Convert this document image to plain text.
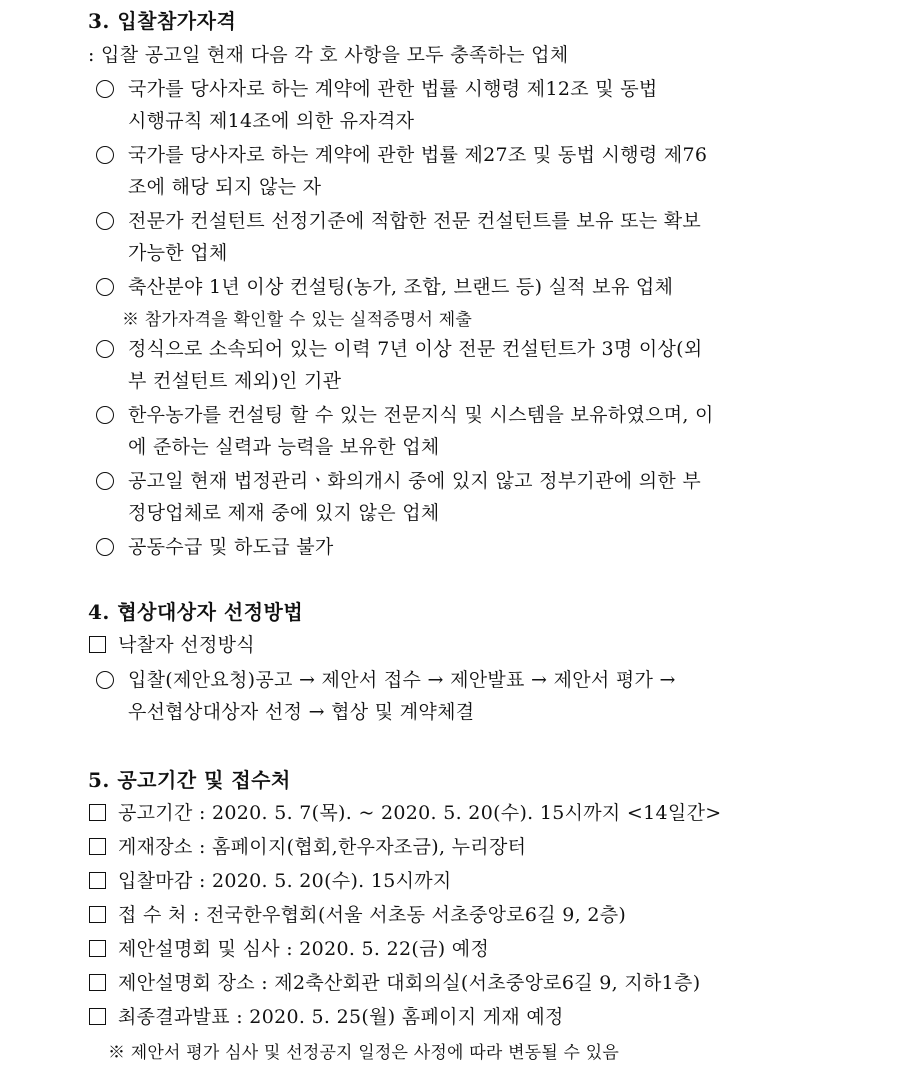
3. 입찰참가자격
: 입찰 공고일 현재 다음 각 호 사항을 모두 충족하는 업체
국가를 당사자로 하는 계약에 관한 법률 시행령 제12조 및 동법
시행규칙 제14조에 의한 유자격자
국가를 당사자로 하는 계약에 관한 법률 제27조 및 동법 시행령 제76
조에 해당 되지 않는 자
전문가 컨설턴트 선정기준에 적합한 전문 컨설턴트를 보유 또는 확보
가능한 업체
축산분야 1년 이상 컨설팅(농가, 조합, 브랜드 등) 실적 보유 업체
※ 참가자격을 확인할 수 있는 실적증명서 제출
정식으로 소속되어 있는 이력 7년 이상 전문 컨설턴트가 3명 이상(외
부 컨설턴트 제외)인 기관
한우농가를 컨설팅 할 수 있는 전문지식 및 시스템을 보유하였으며, 이
에 준하는 실력과 능력을 보유한 업체
공고일 현재 법정관리ㆍ화의개시 중에 있지 않고 정부기관에 의한 부
정당업체로 제재 중에 있지 않은 업체
공동수급 및 하도급 불가
4. 협상대상자 선정방법
낙찰자 선정방식
입찰(제안요청)공고 → 제안서 접수 → 제안발표 → 제안서 평가 →
우선협상대상자 선정 → 협상 및 계약체결
5. 공고기간 및 접수처
공고기간 : 2020. 5. 7(목). ~ 2020. 5. 20(수). 15시까지 <14일간>
게재장소 : 홈페이지(협회,한우자조금), 누리장터
입찰마감 : 2020. 5. 20(수). 15시까지
접 수 처 : 전국한우협회(서울 서초동 서초중앙로6길 9, 2층)
제안설명회 및 심사 : 2020. 5. 22(금) 예정
제안설명회 장소 : 제2축산회관 대회의실(서초중앙로6길 9, 지하1층)
최종결과발표 : 2020. 5. 25(월) 홈페이지 게재 예정
※ 제안서 평가 심사 및 선정공지 일정은 사정에 따라 변동될 수 있음
